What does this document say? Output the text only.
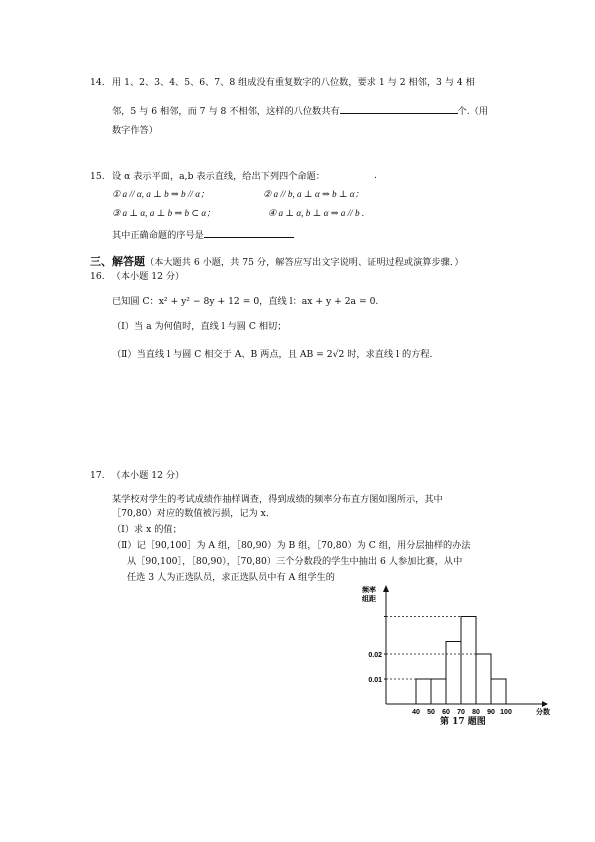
14. 用 1、2、3、4、5、6、7、8 组成没有重复数字的八位数，要求 1 与 2 相邻，3 与 4 相
邻，5 与 6 相邻，而 7 与 8 不相邻，这样的八位数共有	个.（用
数字作答）
15. 设 α 表示平面，a,b 表示直线，给出下列四个命题：	.
① a // α, a ⊥ b ⇒ b // α；	② a // b, a ⊥ α ⇒ b ⊥ α；
③ a ⊥ α, a ⊥ b ⇒ b ⊂ α；	④ a ⊥ α, b ⊥ α ⇒ a // b .
其中正确命题的序号是
三、解答题（本大题共 6 小题，共 75 分，解答应写出文字说明、证明过程或演算步骤．）
16. （本小题 12 分）
已知圆 C：x² + y² − 8y + 12 = 0，直线 l：ax + y + 2a = 0.
（Ⅰ）当 a 为何值时，直线 l 与圆 C 相切；
（Ⅱ）当直线 l 与圆 C 相交于 A、B 两点，且 AB = 2√2 时，求直线 l 的方程.
17. （本小题 12 分）
某学校对学生的考试成绩作抽样调查，得到成绩的频率分布直方图如图所示，其中
［70,80）对应的数值被污损，记为 x．
（Ⅰ）求 x 的值；
（Ⅱ）记［90,100］为 A 组，［80,90）为 B 组，［70,80）为 C 组，用分层抽样的办法
从［90,100］，［80,90），［70,80）三个分数段的学生中抽出 6 人参加比赛，从中
任选 3 人为正选队员，求正选队员中有 A 组学生的
频率
组距
0.01
0.02
40 50 60 70 80 90 100	分数
第 17 题图
